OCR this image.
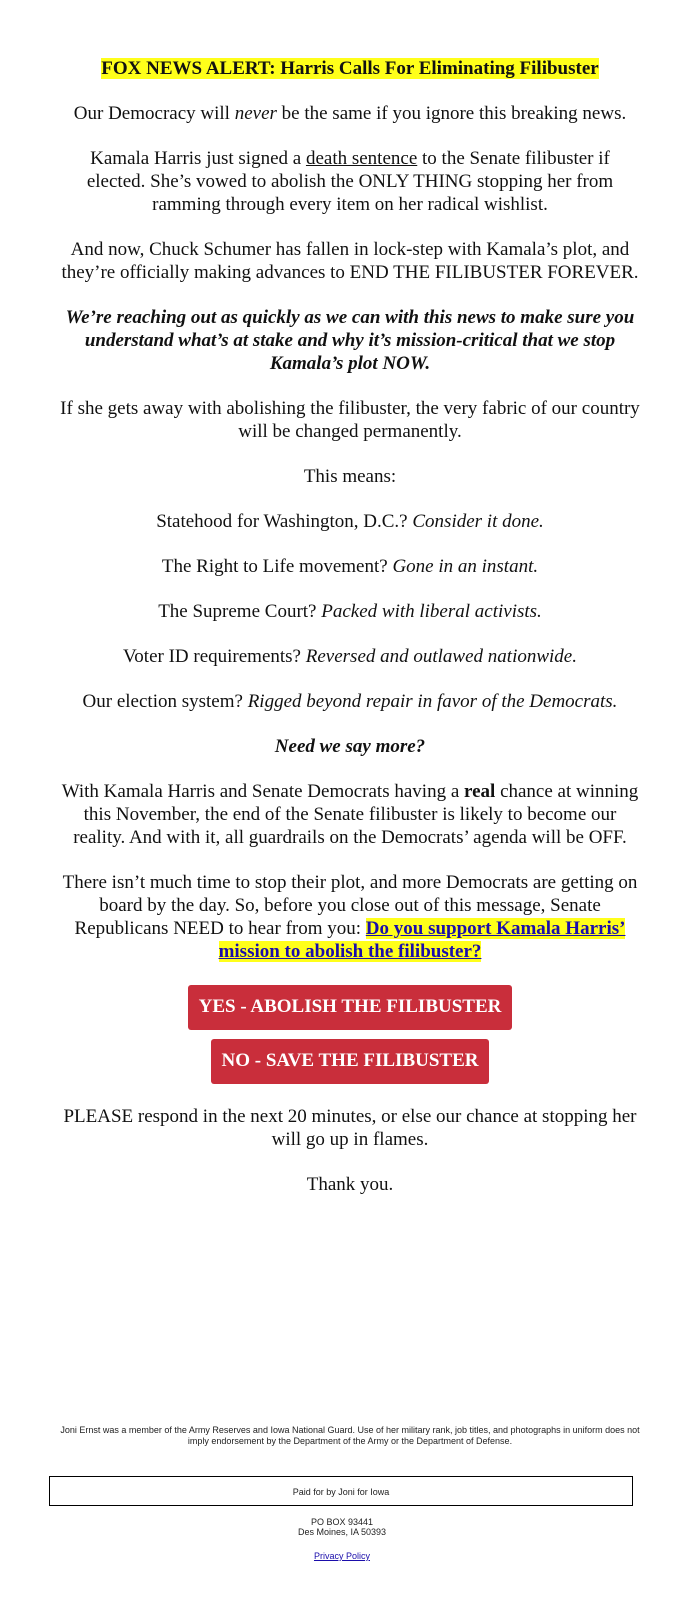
FOX NEWS ALERT: Harris Calls For Eliminating Filibuster

Our Democracy will never be the same if you ignore this breaking news.

Kamala Harris just signed a death sentence to the Senate filibuster if elected. She’s vowed to abolish the ONLY THING stopping her from ramming through every item on her radical wishlist.

And now, Chuck Schumer has fallen in lock-step with Kamala’s plot, and they’re officially making advances to END THE FILIBUSTER FOREVER.

We’re reaching out as quickly as we can with this news to make sure you understand what’s at stake and why it’s mission-critical that we stop Kamala’s plot NOW.

If she gets away with abolishing the filibuster, the very fabric of our country will be changed permanently.

This means:

Statehood for Washington, D.C.? Consider it done.

The Right to Life movement? Gone in an instant.

The Supreme Court? Packed with liberal activists.

Voter ID requirements? Reversed and outlawed nationwide.

Our election system? Rigged beyond repair in favor of the Democrats.

Need we say more?

With Kamala Harris and Senate Democrats having a real chance at winning this November, the end of the Senate filibuster is likely to become our reality. And with it, all guardrails on the Democrats’ agenda will be OFF.

There isn’t much time to stop their plot, and more Democrats are getting on board by the day. So, before you close out of this message, Senate Republicans NEED to hear from you: Do you support Kamala Harris’ mission to abolish the filibuster?

YES - ABOLISH THE FILIBUSTER
NO - SAVE THE FILIBUSTER

PLEASE respond in the next 20 minutes, or else our chance at stopping her will go up in flames.

Thank you.

Joni Ernst was a member of the Army Reserves and Iowa National Guard. Use of her military rank, job titles, and photographs in uniform does not imply endorsement by the Department of the Army or the Department of Defense.
Paid for by Joni for Iowa
PO BOX 93441
Des Moines, IA 50393
Privacy Policy
